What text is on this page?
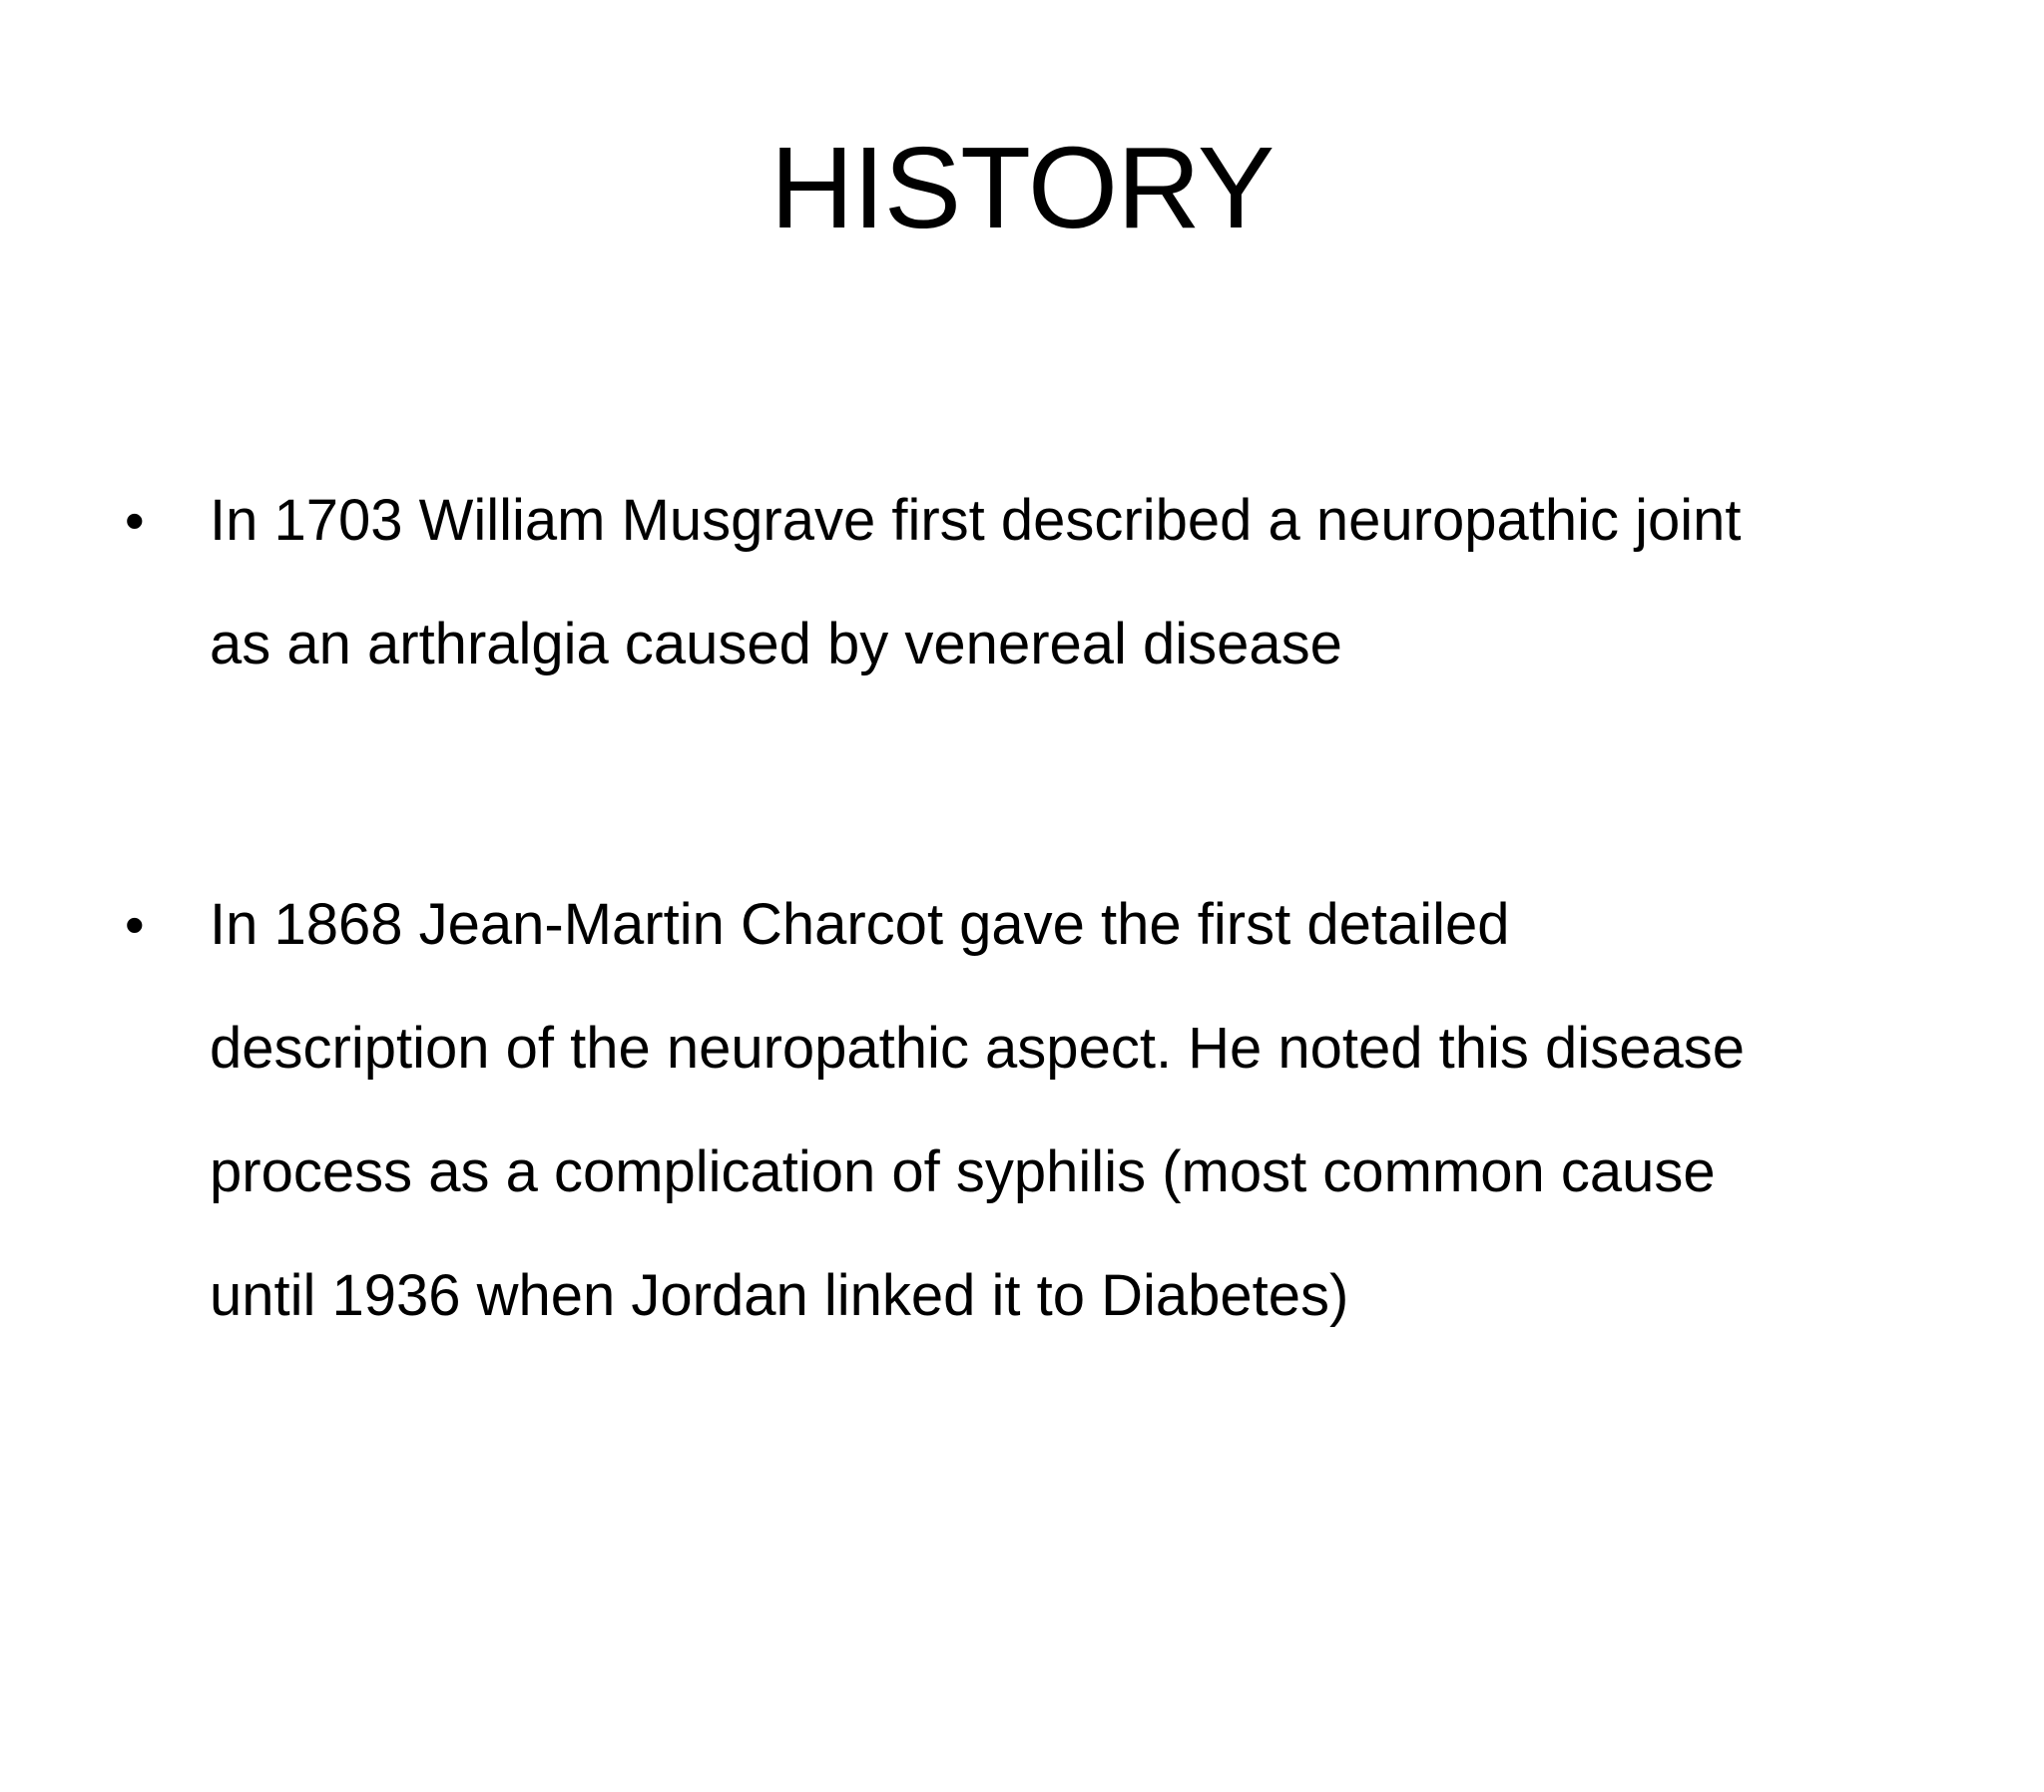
HISTORY
• In 1703 William Musgrave first described a neuropathic joint
as an arthralgia caused by venereal disease
• In 1868 Jean-Martin Charcot gave the first detailed
description of the neuropathic aspect. He noted this disease
process as a complication of syphilis (most common cause
until 1936 when Jordan linked it to Diabetes)
